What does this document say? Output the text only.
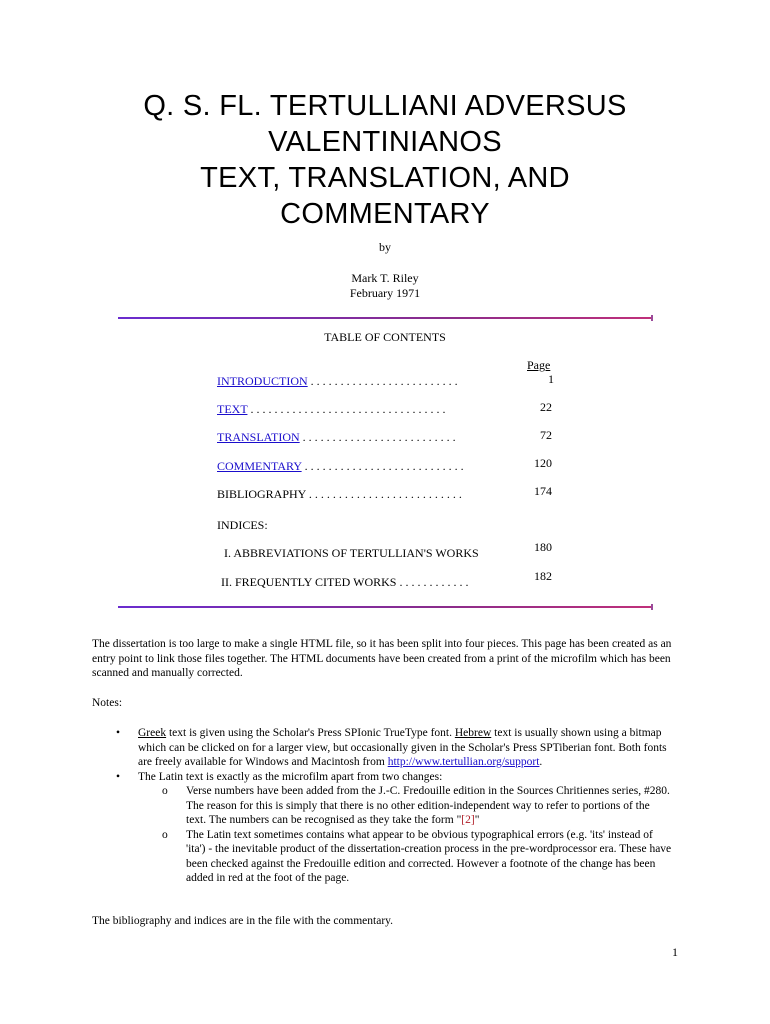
Q. S. FL. TERTULLIANI ADVERSUS
VALENTINIANOS
TEXT, TRANSLATION, AND
COMMENTARY
by
Mark T. Riley
February 1971
TABLE OF CONTENTS
Page
INTRODUCTION . . . . . . . . . . . . . . . . . . . . . . . . .	1
TEXT . . . . . . . . . . . . . . . . . . . . . . . . . . . . . . . . .	22
TRANSLATION . . . . . . . . . . . . . . . . . . . . . . . . . .	72
COMMENTARY . . . . . . . . . . . . . . . . . . . . . . . . . . .	120
BIBLIOGRAPHY . . . . . . . . . . . . . . . . . . . . . . . . . .	174
INDICES:
I. ABBREVIATIONS OF TERTULLIAN'S WORKS	180
II. FREQUENTLY CITED WORKS . . . . . . . . . . . .	182
The dissertation is too large to make a single HTML file, so it has been split into four pieces. This page has been created as an entry point to link those files together. The HTML documents have been created from a print of the microfilm which has been scanned and manually corrected.
Notes:
• Greek text is given using the Scholar's Press SPIonic TrueType font. Hebrew text is usually shown using a bitmap which can be clicked on for a larger view, but occasionally given in the Scholar's Press SPTiberian font. Both fonts are freely available for Windows and Macintosh from http://www.tertullian.org/support.
• The Latin text is exactly as the microfilm apart from two changes:
o Verse numbers have been added from the J.-C. Fredouille edition in the Sources Chritiennes series, #280. The reason for this is simply that there is no other edition-independent way to refer to portions of the text. The numbers can be recognised as they take the form "[2]"
o The Latin text sometimes contains what appear to be obvious typographical errors (e.g. 'its' instead of 'ita') - the inevitable product of the dissertation-creation process in the pre-wordprocessor era. These have been checked against the Fredouille edition and corrected. However a footnote of the change has been added in red at the foot of the page.
The bibliography and indices are in the file with the commentary.
1
